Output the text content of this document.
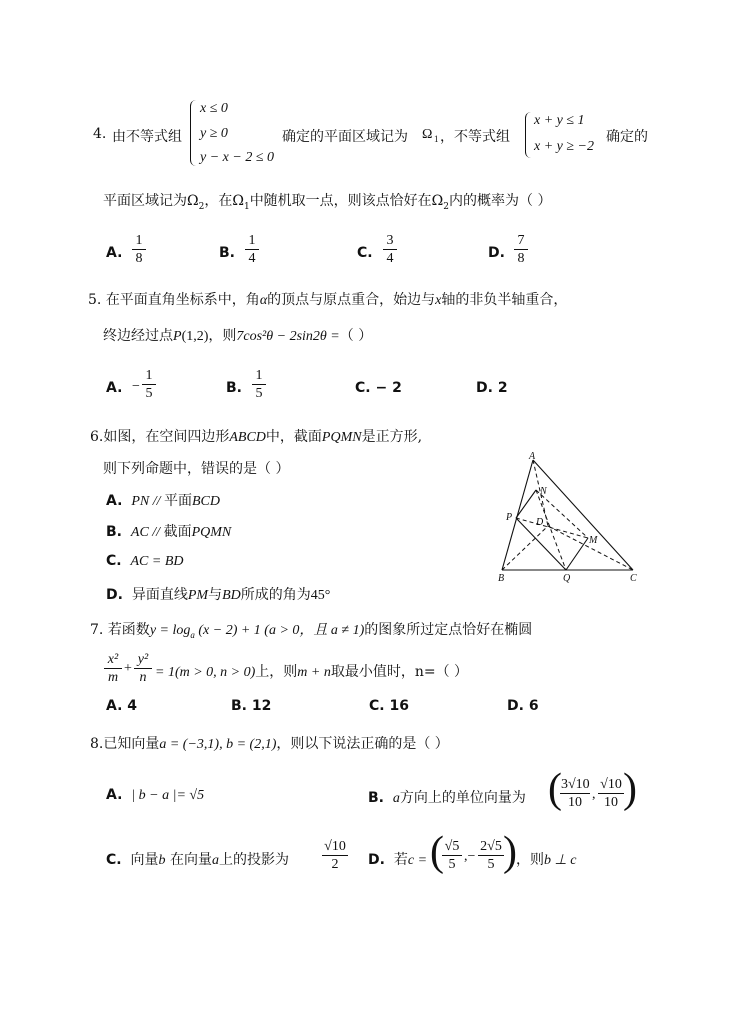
4. 由不等式组
x ≤ 0
y ≥ 0
y − x − 2 ≤ 0
确定的平面区域记为 Ω 1 ，不等式组
x + y ≤ 1
x + y ≥ −2
确定的
平面区域记为$\Omega_2$，在$\Omega_1$中随机取一点，则该点恰好在$\Omega_2$内的概率为（ ）
A. $\frac{1}{8}$	B. $\frac{1}{4}$	C. $\frac{3}{4}$	D. $\frac{7}{8}$
5. 在平面直角坐标系中，角α的顶点与原点重合，始边与x轴的非负半轴重合，
终边经过点P(1,2)，则7cos²θ − 2sin2θ =（ ）
A. − $\frac{1}{5}$	B. $\frac{1}{5}$	C. − 2	D. 2
6.如图，在空间四边形ABCD中，截面PQMN是正方形,
则下列命题中，错误的是（ ）
A. PN // 平面BCD
B. AC // 截面PQMN
C. AC = BD
D. 异面直线PM与BD所成的角为45°
A
N
P D
M
B	Q	C
7. 若函数$y = \log_a (x - 2) + 1$ (a > 0，且 a ≠ 1)的图象所过定点恰好在椭圆
$\frac{\text{x²}}{m} + \frac{\text{y²}}{n} = 1(m > 0$, n > 0)上，则m + n取最小值时，n=（ ）
A. 4	B. 12	C. 16	D. 6
8.已知向量a = (−3,1), b = (2,1)，则以下说法正确的是（ ）
A. | b − a |= √5	B. a方向上的单位向量为 (
$\frac{3√10}{10}$ , $\frac{√10}{10}$ )
C. 向量b 在向量a上的投影为 $\frac{√10}{2} D$. 若c = (
$\frac{√5}{5}$ ,− $\frac{2√5}{5}$ ) ，则b ⊥ c
